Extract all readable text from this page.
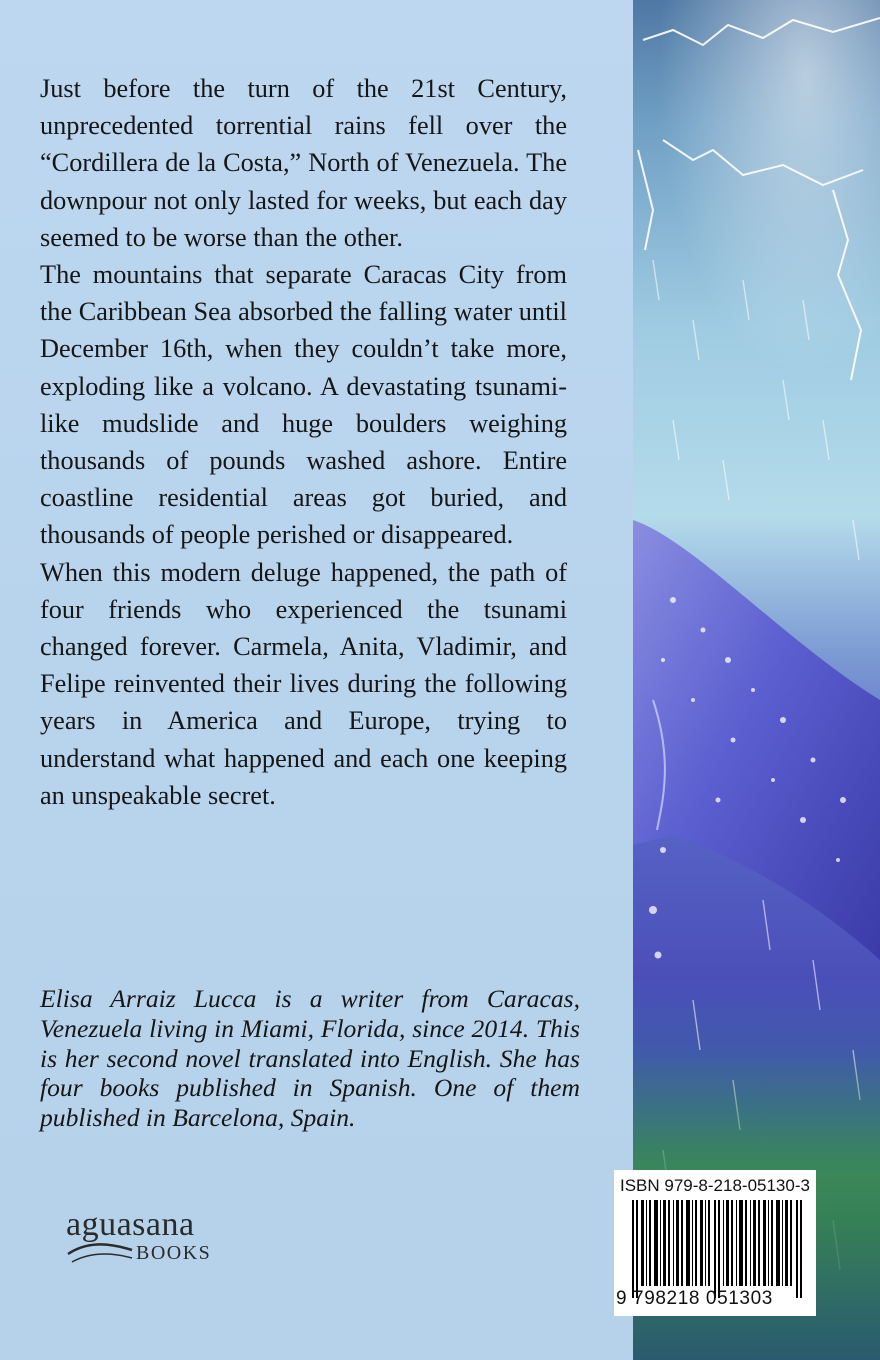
Just before the turn of the 21st Century, unprecedented torrential rains fell over the “Cordillera de la Costa,” North of Venezuela. The downpour not only lasted for weeks, but each day seemed to be worse than the other.

The mountains that separate Caracas City from the Caribbean Sea absorbed the falling water until December 16th, when they couldn’t take more, exploding like a volcano. A devastating tsunami-like mudslide and huge boulders weighing thousands of pounds washed ashore. Entire coastline residential areas got buried, and thousands of people perished or disappeared.

When this modern deluge happened, the path of four friends who experienced the tsunami changed forever. Carmela, Anita, Vladimir, and Felipe reinvented their lives during the following years in America and Europe, trying to understand what happened and each one keeping an unspeakable secret.

Elisa Arraiz Lucca is a writer from Caracas, Venezuela living in Miami, Florida, since 2014. This is her second novel translated into English. She has four books published in Spanish. One of them published in Barcelona, Spain.

aguasana
BOOKS
ISBN 979-8-218-05130-3
9 798218 051303
